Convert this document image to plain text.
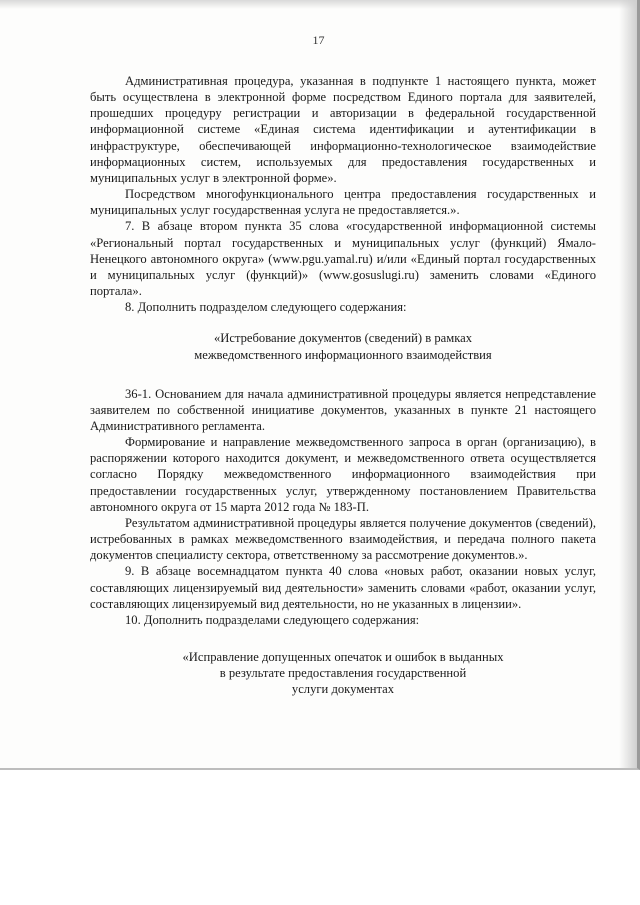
17

Административная процедура, указанная в подпункте 1 настоящего пункта, может быть осуществлена в электронной форме посредством Единого портала для заявителей, прошедших процедуру регистрации и авторизации в федеральной государственной информационной системе «Единая система идентификации и аутентификации в инфраструктуре, обеспечивающей информационно-технологическое взаимодействие информационных систем, используемых для предоставления государственных и муниципальных услуг в электронной форме».

Посредством многофункционального центра предоставления государственных и муниципальных услуг государственная услуга не предоставляется.».

7. В абзаце втором пункта 35 слова «государственной информационной системы «Региональный портал государственных и муниципальных услуг (функций) Ямало-Ненецкого автономного округа» (www.pgu.yamal.ru) и/или «Единый портал государственных и муниципальных услуг (функций)» (www.gosuslugi.ru) заменить словами «Единого портала».

8. Дополнить подразделом следующего содержания:

«Истребование документов (сведений) в рамках

межведомственного информационного взаимодействия

36-1. Основанием для начала административной процедуры является непредставление заявителем по собственной инициативе документов, указанных в пункте 21 настоящего Административного регламента.

Формирование и направление межведомственного запроса в орган (организацию), в распоряжении которого находится документ, и межведомственного ответа осуществляется согласно Порядку межведомственного информационного взаимодействия при предоставлении государственных услуг, утвержденному постановлением Правительства автономного округа от 15 марта 2012 года № 183-П.

Результатом административной процедуры является получение документов (сведений), истребованных в рамках межведомственного взаимодействия, и передача полного пакета документов специалисту сектора, ответственному за рассмотрение документов.».

9. В абзаце восемнадцатом пункта 40 слова «новых работ, оказании новых услуг, составляющих лицензируемый вид деятельности» заменить словами «работ, оказании услуг, составляющих лицензируемый вид деятельности, но не указанных в лицензии».

10. Дополнить подразделами следующего содержания:

«Исправление допущенных опечаток и ошибок в выданных

в результате предоставления государственной

услуги документах
